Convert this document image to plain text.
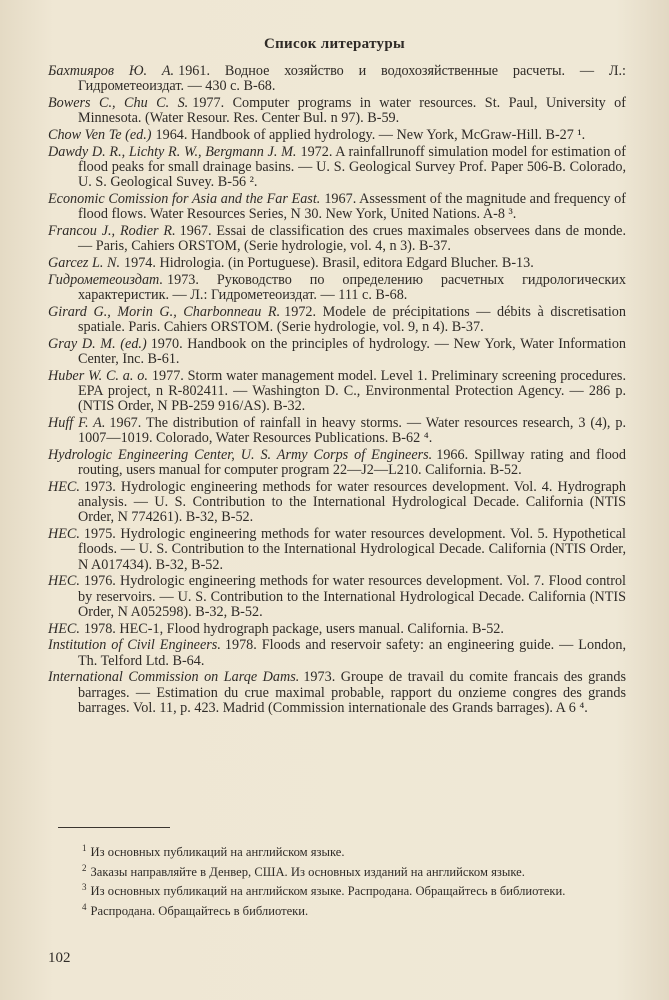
Список литературы

Бахтияров Ю. А. 1961. Водное хозяйство и водохозяйственные расчеты. — Л.: Гидрометеоиздат. — 430 с. В-68.

Bowers C., Chu C. S. 1977. Computer programs in water resources. St. Paul, University of Minnesota. (Water Resour. Res. Center Bul. n 97). B-59.

Chow Ven Te (ed.) 1964. Handbook of applied hydrology. — New York, McGraw-Hill. B-27 ¹.

Dawdy D. R., Lichty R. W., Bergmann J. M. 1972. A rainfallrunoff simulation model for estimation of flood peaks for small drainage basins. — U. S. Geological Survey Prof. Paper 506-B. Colorado, U. S. Geological Suvey. B-56 ².

Economic Comission for Asia and the Far East. 1967. Assessment of the magnitude and frequency of flood flows. Water Resources Series, N 30. New York, United Nations. A-8 ³.

Francou J., Rodier R. 1967. Essai de classification des crues maximales observees dans de monde. — Paris, Cahiers ORSTOM, (Serie hydrologie, vol. 4, n 3). B-37.

Garcez L. N. 1974. Hidrologia. (in Portuguese). Brasil, editora Edgard Blucher. B-13.

Гидрометеоиздат. 1973. Руководство по определению расчетных гидрологических характеристик. — Л.: Гидрометеоиздат. — 111 с. В-68.

Girard G., Morin G., Charbonneau R. 1972. Modele de précipitations — débits à discretisation spatiale. Paris. Cahiers ORSTOM. (Serie hydrologie, vol. 9, n 4). B-37.

Gray D. M. (ed.) 1970. Handbook on the principles of hydrology. — New York, Water Information Center, Inc. B-61.

Huber W. C. a. o. 1977. Storm water management model. Level 1. Preliminary screening procedures. EPA project, n R-802411. — Washington D. C., Environmental Protection Agency. — 286 p. (NTIS Order, N PB-259 916/AS). B-32.

Huff F. A. 1967. The distribution of rainfall in heavy storms. — Water resources research, 3 (4), p. 1007—1019. Colorado, Water Resources Publications. B-62 ⁴.

Hydrologic Engineering Center, U. S. Army Corps of Engineers. 1966. Spillway rating and flood routing, users manual for computer program 22—J2—L210. California. B-52.

HEC. 1973. Hydrologic engineering methods for water resources development. Vol. 4. Hydrograph analysis. — U. S. Contribution to the International Hydrological Decade. California (NTIS Order, N 774261). B-32, B-52.

HEC. 1975. Hydrologic engineering methods for water resources development. Vol. 5. Hypothetical floods. — U. S. Contribution to the International Hydrological Decade. California (NTIS Order, N A017434). B-32, B-52.

HEC. 1976. Hydrologic engineering methods for water resources development. Vol. 7. Flood control by reservoirs. — U. S. Contribution to the International Hydrological Decade. California (NTIS Order, N A052598). B-32, B-52.

HEC. 1978. HEC-1, Flood hydrograph package, users manual. California. B-52.

Institution of Civil Engineers. 1978. Floods and reservoir safety: an engineering guide. — London, Th. Telford Ltd. B-64.

International Commission on Larqe Dams. 1973. Groupe de travail du comite francais des grands barrages. — Estimation du crue maximal probable, rapport du onzieme congres des grands barrages. Vol. 11, p. 423. Madrid (Commission internationale des Grands barrages). A 6 ⁴.

$^1$ Из основных публикаций на английском языке.

$^2$ Заказы направляйте в Денвер, США. Из основных изданий на английском языке.

$^3$ Из основных публикаций на английском языке. Распродана. Обращайтесь в библиотеки.

$^4$ Распродана. Обращайтесь в библиотеки.

102
